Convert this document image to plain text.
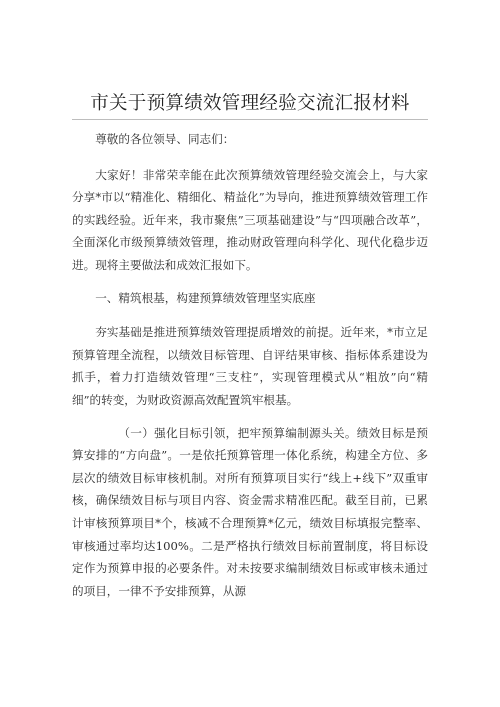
市关于预算绩效管理经验交流汇报材料

尊敬的各位领导、同志们：

大家好！非常荣幸能在此次预算绩效管理经验交流会上，与大家分享*市以“精准化、精细化、精益化”为导向，推进预算绩效管理工作的实践经验。近年来，我市聚焦”三项基础建设”与“四项融合改革”，全面深化市级预算绩效管理，推动财政管理向科学化、现代化稳步迈进。现将主要做法和成效汇报如下。

一、精筑根基，构建预算绩效管理坚实底座

夯实基础是推进预算绩效管理提质增效的前提。近年来，*市立足预算管理全流程，以绩效目标管理、自评结果审核、指标体系建设为抓手，着力打造绩效管理“三支柱”，实现管理模式从“粗放”向“精细”的转变，为财政资源高效配置筑牢根基。

（一）强化目标引领，把牢预算编制源头关。绩效目标是预算安排的“方向盘”。一是依托预算管理一体化系统，构建全方位、多层次的绩效目标审核机制。对所有预算项目实行“线上+线下”双重审核，确保绩效目标与项目内容、资金需求精准匹配。截至目前，已累计审核预算项目*个，核减不合理预算*亿元，绩效目标填报完整率、审核通过率均达100%。二是严格执行绩效目标前置制度，将目标设定作为预算申报的必要条件。对未按要求编制绩效目标或审核未通过的项目，一律不予安排预算，从源
